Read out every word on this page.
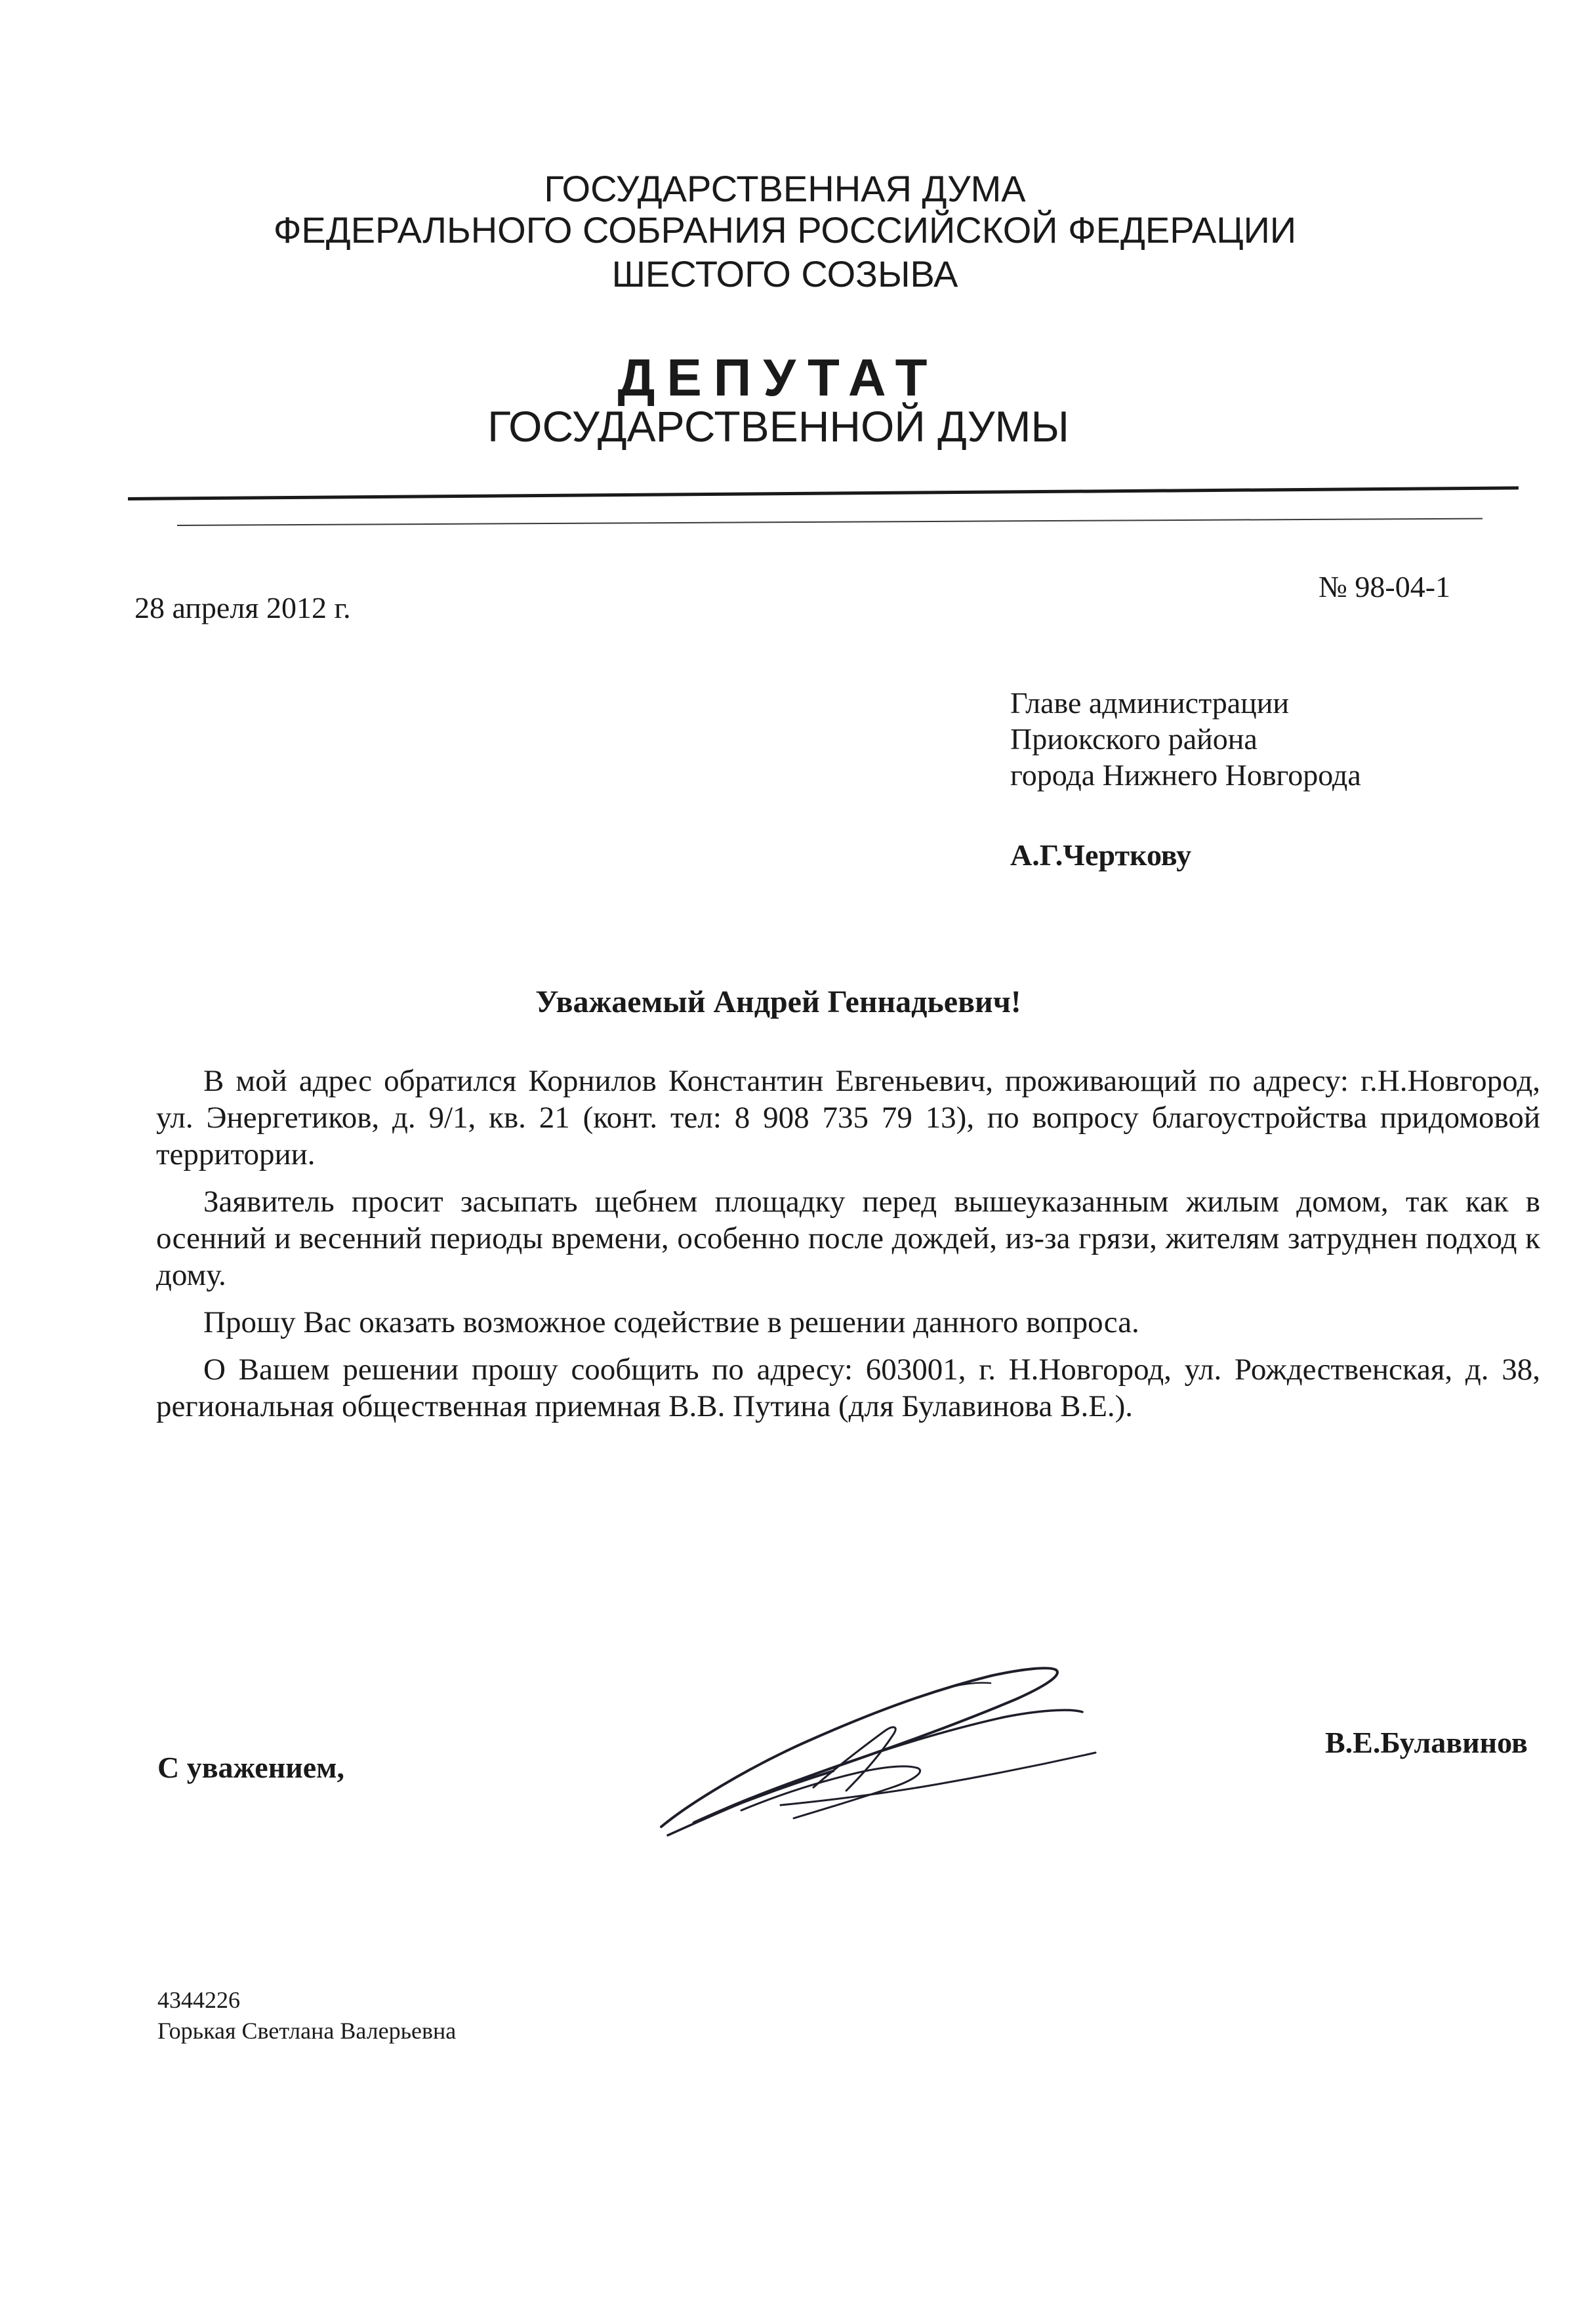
ГОСУДАРСТВЕННАЯ ДУМА
ФЕДЕРАЛЬНОГО СОБРАНИЯ РОССИЙСКОЙ ФЕДЕРАЦИИ
ШЕСТОГО СОЗЫВА
ДЕПУТАТ
ГОСУДАРСТВЕННОЙ ДУМЫ
28 апреля 2012 г.
№ 98-04-1
Главе администрации
Приокского района
города Нижнего Новгорода
А.Г.Черткову
Уважаемый Андрей Геннадьевич!

В мой адрес обратился Корнилов Константин Евгеньевич, проживающий по адресу: г.Н.Новгород, ул. Энергетиков, д. 9/1, кв. 21 (конт. тел: 8 908 735 79 13), по вопросу благоустройства придомовой территории.

Заявитель просит засыпать щебнем площадку перед вышеуказанным жилым домом, так как в осенний и весенний периоды времени, особенно после дождей, из-за грязи, жителям затруднен подход к дому.

Прошу Вас оказать возможное содействие в решении данного вопроса.

О Вашем решении прошу сообщить по адресу: 603001, г. Н.Новгород, ул. Рождественская, д. 38, региональная общественная приемная В.В. Путина (для Булавинова В.Е.).

С уважением,
В.Е.Булавинов
4344226
Горькая Светлана Валерьевна
